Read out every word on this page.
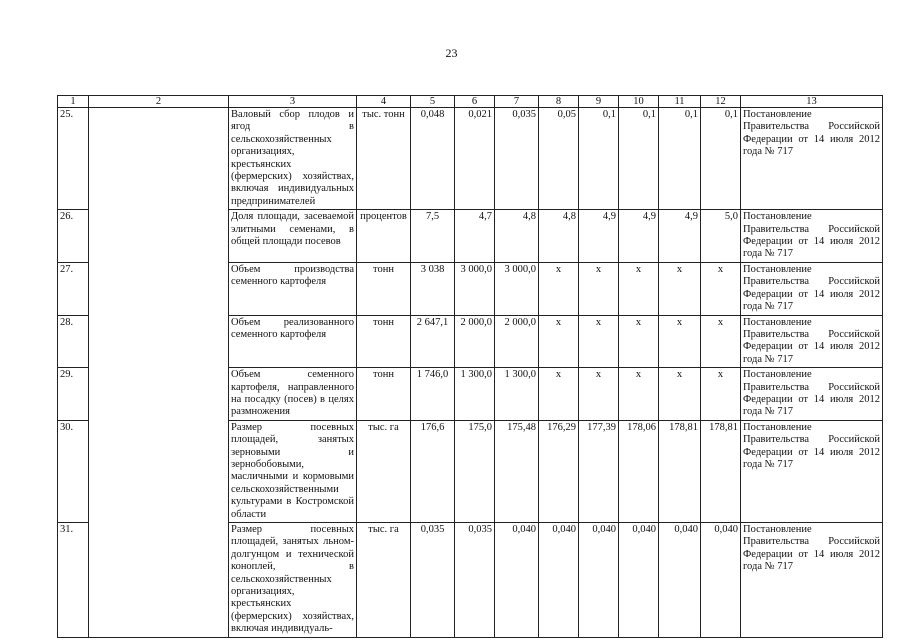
23
1	2	3	4	5	6	7	8	9	10	11	12	13
25.		Валовый сбор плодов и ягод в сельскохозяйственных организациях, крестьянских (фермерских) хозяйствах, включая индивидуальных предпринимателей	тыс. тонн	0,048	0,021	0,035	0,05	0,1	0,1	0,1	0,1	Постановление Правительства Российской Федерации от 14 июля 2012 года № 717
26.		Доля площади, засеваемой элитными семенами, в общей площади посевов	процентов	7,5	4,7	4,8	4,8	4,9	4,9	4,9	5,0	Постановление Правительства Российской Федерации от 14 июля 2012 года № 717
27.		Объем производства семенного картофеля	тонн	3 038	3 000,0	3 000,0	х	х	х	х	х	Постановление Правительства Российской Федерации от 14 июля 2012 года № 717
28.		Объем реализованного семенного картофеля	тонн	2 647,1	2 000,0	2 000,0	х	х	х	х	х	Постановление Правительства Российской Федерации от 14 июля 2012 года № 717
29.		Объем семенного картофеля, направленного на посадку (посев) в целях размножения	тонн	1 746,0	1 300,0	1 300,0	х	х	х	х	х	Постановление Правительства Российской Федерации от 14 июля 2012 года № 717
30.		Размер посевных площадей, занятых зерновыми и зернобобовыми, масличными и кормовыми сельскохозяйственными культурами в Костромской области	тыс. га	176,6	175,0	175,48	176,29	177,39	178,06	178,81	178,81	Постановление Правительства Российской Федерации от 14 июля 2012 года № 717
31.		Размер посевных площадей, занятых льном-долгунцом и технической коноплей, в сельскохозяйственных организациях, крестьянских (фермерских) хозяйствах, включая индивидуаль-	тыс. га	0,035	0,035	0,040	0,040	0,040	0,040	0,040	0,040	Постановление Правительства Российской Федерации от 14 июля 2012 года № 717
